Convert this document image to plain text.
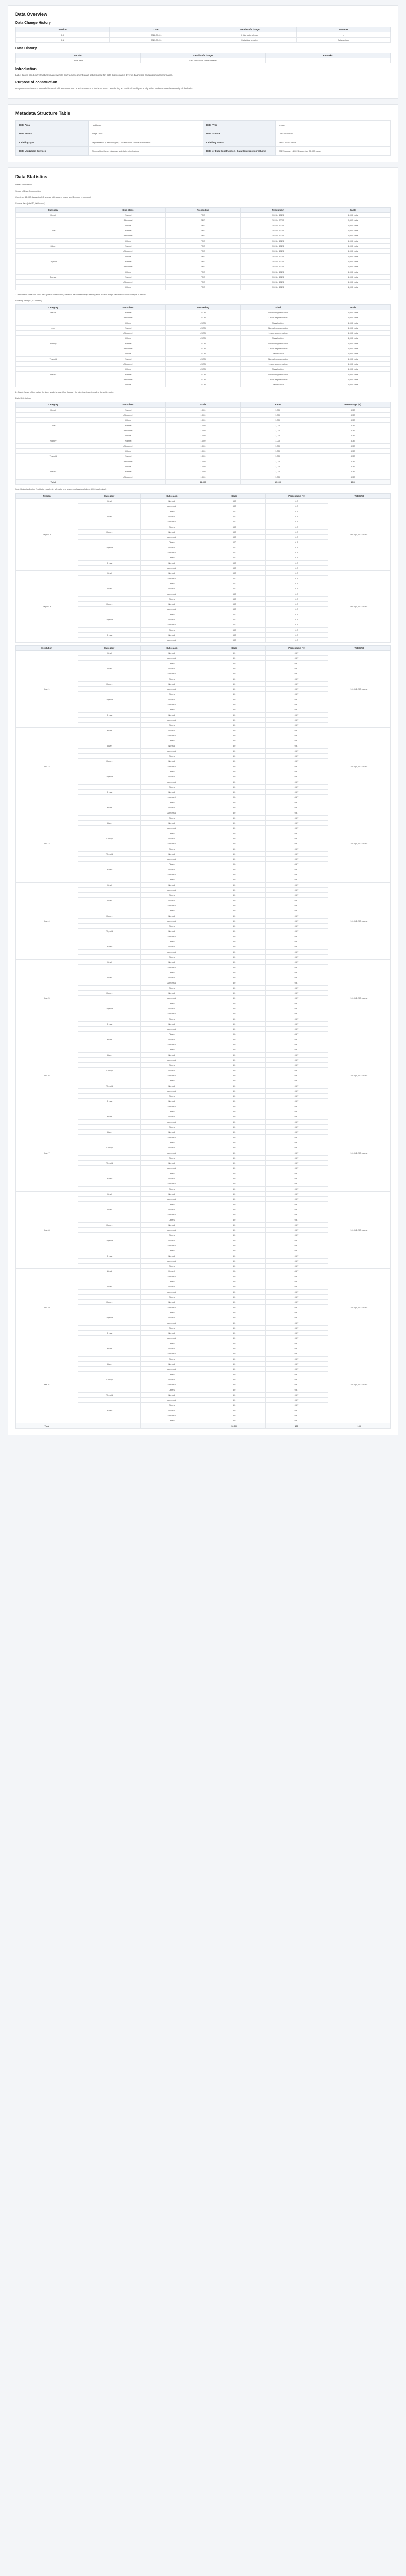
Data Overview
Data Change History
Version	Date	Details of Change	Remarks
1.0	2022-07-01	Initial data release	-
1.1	2023-03-31	Metadata updated	Data revision
Data History
Version	Details of Change	Remarks
Initial data	First disclosure of the dataset	-
Introduction

Label-based pan-body structural image (whole-body and segment) data set designed for data that contains diverse diagnostic and anatomical information.

Purpose of construction

Diagnostic-assistance AI model in medical institutions with a lesion common in the thorax - Developing an artificial intelligence algorithm to determine the severity of the lesion.

Metadata Structure Table
Data Area	Healthcare	Data Type	Image
Data Format	Image / PNG	Data Source	Data Institution
Labeling Type	Segmentation (Lesion/Organ), Classification, Clinical information	Labeling Format	PNG, JSON format
Data Utilization Services	AI model that helps diagnose and determine lesions	Date of Data Construction / Data Construction Volume	2022 January - 2022 December, 36,000 cases
Data Statistics
Data Composition
Scope of Data Construction
Construct 12,000 datasets of Grayscale Ultrasound image and Doppler (4 classes)
Source data (total 12,000 cases)
Category	Sub-class	Proceeding	Resolution	Scale
Heart	Normal	PNG	1024 × 1024	1,000 data
	Abnormal	PNG	1024 × 1024	1,000 data
	Others	PNG	1024 × 1024	1,000 data
Liver	Normal	PNG	1024 × 1024	1,000 data
	Abnormal	PNG	1024 × 1024	1,000 data
	Others	PNG	1024 × 1024	1,000 data
Kidney	Normal	PNG	1024 × 1024	1,000 data
	Abnormal	PNG	1024 × 1024	1,000 data
	Others	PNG	1024 × 1024	1,000 data
Thyroid	Normal	PNG	1024 × 1024	1,000 data
	Abnormal	PNG	1024 × 1024	1,000 data
	Others	PNG	1024 × 1024	1,000 data
Breast	Normal	PNG	1024 × 1024	1,000 data
	Abnormal	PNG	1024 × 1024	1,000 data
	Others	PNG	1024 × 1024	1,000 data
1. Annotation data and label data (total 12,000 cases): labeled data obtained by labeling each source image with the location and type of lesion.
Labeling data (12,000 cases)
Category	Sub-class	Proceeding	Label	Scale
Heart	Normal	JSON	Normal segmentation	1,000 data
	Abnormal	JSON	Lesion segmentation	1,000 data
	Others	JSON	Classification	1,000 data
Liver	Normal	JSON	Normal segmentation	1,000 data
	Abnormal	JSON	Lesion segmentation	1,000 data
	Others	JSON	Classification	1,000 data
Kidney	Normal	JSON	Normal segmentation	1,000 data
	Abnormal	JSON	Lesion segmentation	1,000 data
	Others	JSON	Classification	1,000 data
Thyroid	Normal	JSON	Normal segmentation	1,000 data
	Abnormal	JSON	Lesion segmentation	1,000 data
	Others	JSON	Classification	1,000 data
Breast	Normal	JSON	Normal segmentation	1,000 data
	Abnormal	JSON	Lesion segmentation	1,000 data
	Others	JSON	Classification	1,000 data
2. Grade (scale of the data): the label scale is quantified through the labeling stage including the entire data.
Data Distribution
Category	Sub-class	Scale	Ratio	Percentage (%)
Heart	Normal	1,000	1,000	8.33
	Abnormal	1,000	1,000	8.33
	Others	1,000	1,000	8.33
Liver	Normal	1,000	1,000	8.33
	Abnormal	1,000	1,000	8.33
	Others	1,000	1,000	8.33
Kidney	Normal	1,000	1,000	8.33
	Abnormal	1,000	1,000	8.33
	Others	1,000	1,000	8.33
Thyroid	Normal	1,000	1,000	8.33
	Abnormal	1,000	1,000	8.33
	Others	1,000	1,000	8.33
Breast	Normal	1,000	1,000	8.33
	Abnormal	1,000	1,000	8.33
Total		12,000	12,000	100
3(a). Data distribution (institution, scale) in left: ratio and scale on class (excluding 4,000 scale data)
Region	Category	Sub-class	Scale	Percentage (%)	Total (%)
Region A	Heart	Normal	500	4.2	50.0 (6,000 cases)
		Abnormal	500	4.2	
		Others	500	4.2	
	Liver	Normal	500	4.2	
		Abnormal	500	4.2	
		Others	500	4.2	
	Kidney	Normal	500	4.2	
		Abnormal	500	4.2	
		Others	500	4.2	
	Thyroid	Normal	500	4.2	
		Abnormal	500	4.2	
		Others	500	4.2	
	Breast	Normal	500	4.2	
		Abnormal	500	4.2	
Region B	Heart	Normal	500	4.2	50.0 (6,000 cases)
		Abnormal	500	4.2	
		Others	500	4.2	
	Liver	Normal	500	4.2	
		Abnormal	500	4.2	
		Others	500	4.2	
	Kidney	Normal	500	4.2	
		Abnormal	500	4.2	
		Others	500	4.2	
	Thyroid	Normal	500	4.2	
		Abnormal	500	4.2	
		Others	500	4.2	
	Breast	Normal	500	4.2	
		Abnormal	500	4.2	
Institution	Category	Sub-class	Scale	Percentage (%)	Total (%)
Inst. 1	Heart	Normal	80	0.67	10.0 (1,200 cases)
		Abnormal	80	0.67	
		Others	80	0.67	
	Liver	Normal	80	0.67	
		Abnormal	80	0.67	
		Others	80	0.67	
	Kidney	Normal	80	0.67	
		Abnormal	80	0.67	
		Others	80	0.67	
	Thyroid	Normal	80	0.67	
		Abnormal	80	0.67	
		Others	80	0.67	
	Breast	Normal	80	0.67	
		Abnormal	80	0.67	
		Others	80	0.67	
Inst. 2	Heart	Normal	80	0.67	10.0 (1,200 cases)
		Abnormal	80	0.67	
		Others	80	0.67	
	Liver	Normal	80	0.67	
		Abnormal	80	0.67	
		Others	80	0.67	
	Kidney	Normal	80	0.67	
		Abnormal	80	0.67	
		Others	80	0.67	
	Thyroid	Normal	80	0.67	
		Abnormal	80	0.67	
		Others	80	0.67	
	Breast	Normal	80	0.67	
		Abnormal	80	0.67	
		Others	80	0.67	
Inst. 3	Heart	Normal	80	0.67	10.0 (1,200 cases)
		Abnormal	80	0.67	
		Others	80	0.67	
	Liver	Normal	80	0.67	
		Abnormal	80	0.67	
		Others	80	0.67	
	Kidney	Normal	80	0.67	
		Abnormal	80	0.67	
		Others	80	0.67	
	Thyroid	Normal	80	0.67	
		Abnormal	80	0.67	
		Others	80	0.67	
	Breast	Normal	80	0.67	
		Abnormal	80	0.67	
		Others	80	0.67	
Inst. 4	Heart	Normal	80	0.67	10.0 (1,200 cases)
		Abnormal	80	0.67	
		Others	80	0.67	
	Liver	Normal	80	0.67	
		Abnormal	80	0.67	
		Others	80	0.67	
	Kidney	Normal	80	0.67	
		Abnormal	80	0.67	
		Others	80	0.67	
	Thyroid	Normal	80	0.67	
		Abnormal	80	0.67	
		Others	80	0.67	
	Breast	Normal	80	0.67	
		Abnormal	80	0.67	
		Others	80	0.67	
Inst. 5	Heart	Normal	80	0.67	10.0 (1,200 cases)
		Abnormal	80	0.67	
		Others	80	0.67	
	Liver	Normal	80	0.67	
		Abnormal	80	0.67	
		Others	80	0.67	
	Kidney	Normal	80	0.67	
		Abnormal	80	0.67	
		Others	80	0.67	
	Thyroid	Normal	80	0.67	
		Abnormal	80	0.67	
		Others	80	0.67	
	Breast	Normal	80	0.67	
		Abnormal	80	0.67	
		Others	80	0.67	
Inst. 6	Heart	Normal	80	0.67	10.0 (1,200 cases)
		Abnormal	80	0.67	
		Others	80	0.67	
	Liver	Normal	80	0.67	
		Abnormal	80	0.67	
		Others	80	0.67	
	Kidney	Normal	80	0.67	
		Abnormal	80	0.67	
		Others	80	0.67	
	Thyroid	Normal	80	0.67	
		Abnormal	80	0.67	
		Others	80	0.67	
	Breast	Normal	80	0.67	
		Abnormal	80	0.67	
		Others	80	0.67	
Inst. 7	Heart	Normal	80	0.67	10.0 (1,200 cases)
		Abnormal	80	0.67	
		Others	80	0.67	
	Liver	Normal	80	0.67	
		Abnormal	80	0.67	
		Others	80	0.67	
	Kidney	Normal	80	0.67	
		Abnormal	80	0.67	
		Others	80	0.67	
	Thyroid	Normal	80	0.67	
		Abnormal	80	0.67	
		Others	80	0.67	
	Breast	Normal	80	0.67	
		Abnormal	80	0.67	
		Others	80	0.67	
Inst. 8	Heart	Normal	80	0.67	10.0 (1,200 cases)
		Abnormal	80	0.67	
		Others	80	0.67	
	Liver	Normal	80	0.67	
		Abnormal	80	0.67	
		Others	80	0.67	
	Kidney	Normal	80	0.67	
		Abnormal	80	0.67	
		Others	80	0.67	
	Thyroid	Normal	80	0.67	
		Abnormal	80	0.67	
		Others	80	0.67	
	Breast	Normal	80	0.67	
		Abnormal	80	0.67	
		Others	80	0.67	
Inst. 9	Heart	Normal	80	0.67	10.0 (1,200 cases)
		Abnormal	80	0.67	
		Others	80	0.67	
	Liver	Normal	80	0.67	
		Abnormal	80	0.67	
		Others	80	0.67	
	Kidney	Normal	80	0.67	
		Abnormal	80	0.67	
		Others	80	0.67	
	Thyroid	Normal	80	0.67	
		Abnormal	80	0.67	
		Others	80	0.67	
	Breast	Normal	80	0.67	
		Abnormal	80	0.67	
		Others	80	0.67	
Inst. 10	Heart	Normal	80	0.67	10.0 (1,200 cases)
		Abnormal	80	0.67	
		Others	80	0.67	
	Liver	Normal	80	0.67	
		Abnormal	80	0.67	
		Others	80	0.67	
	Kidney	Normal	80	0.67	
		Abnormal	80	0.67	
		Others	80	0.67	
	Thyroid	Normal	80	0.67	
		Abnormal	80	0.67	
		Others	80	0.67	
	Breast	Normal	80	0.67	
		Abnormal	80	0.67	
		Others	80	0.67	
Total			12,000	100	100
